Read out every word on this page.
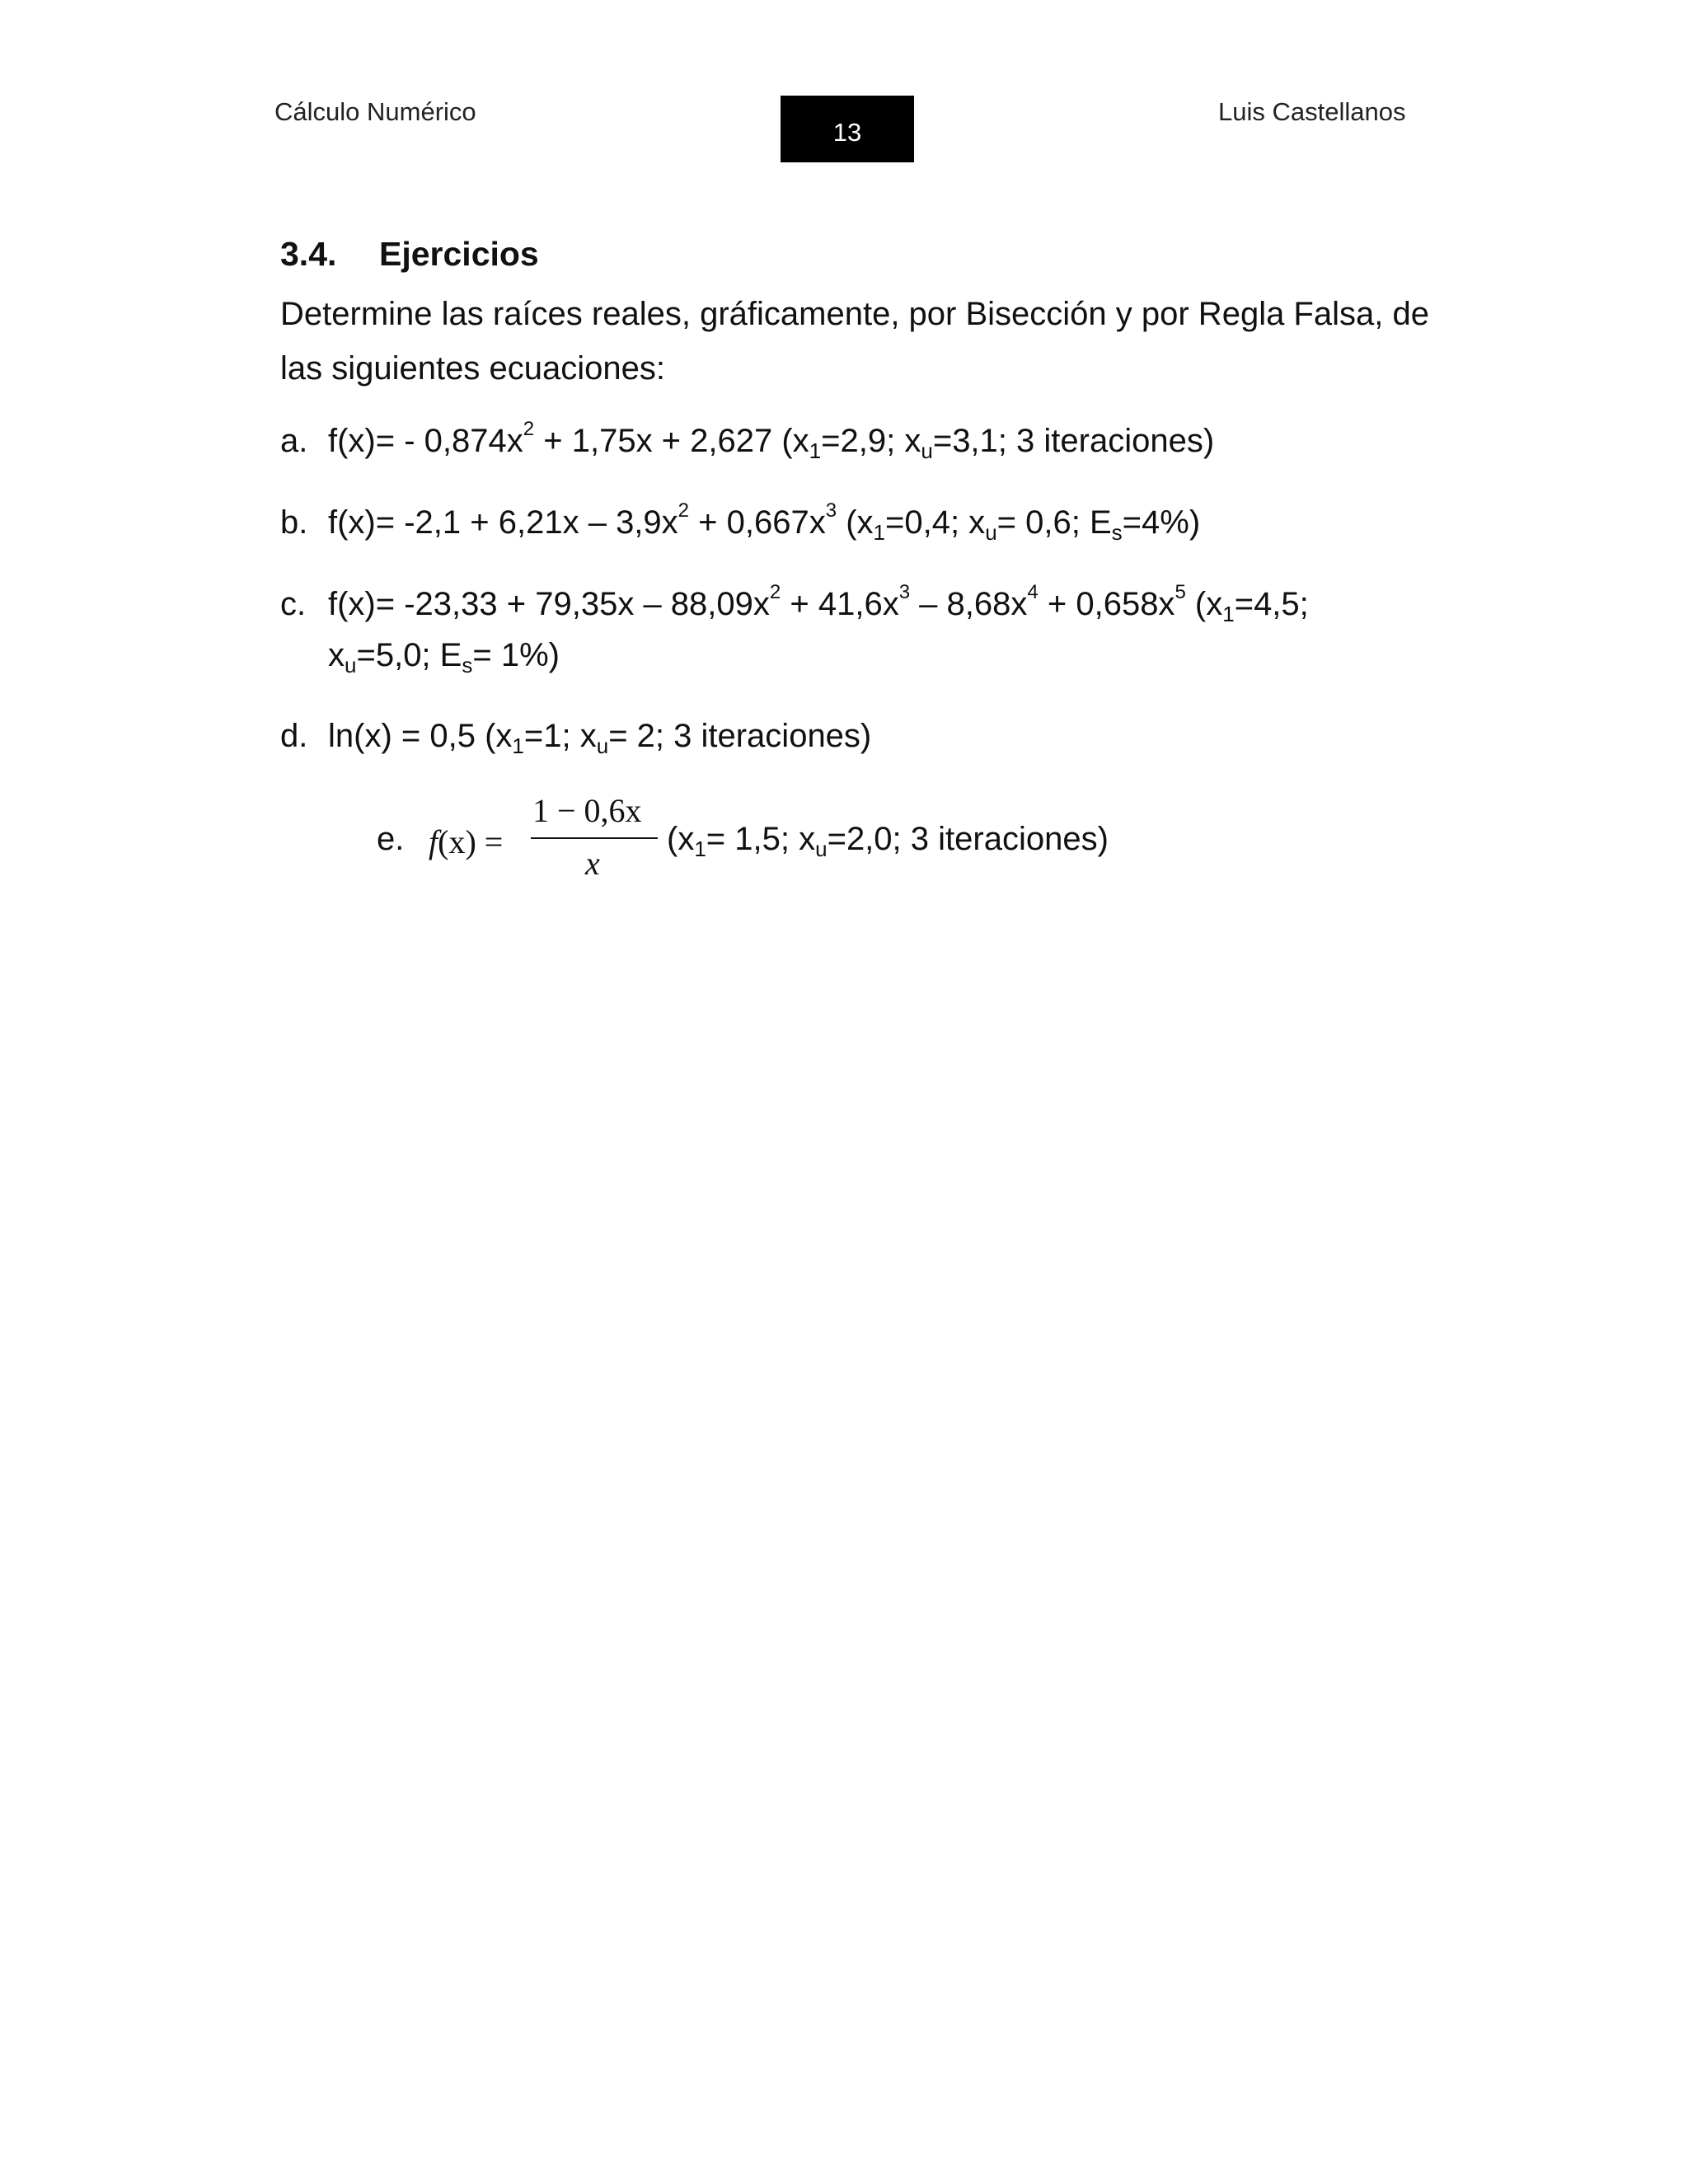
Cálculo Numérico
13
Luis Castellanos
3.4. Ejercicios
Determine las raíces reales, gráficamente, por Bisección y por Regla Falsa, de las siguientes ecuaciones:
a. $f(x)= - 0,874x^2 + 1,75x + 2,627$ ($x_1=2,9$; $x_u=3,1$; 3 iteraciones)
b. $f(x)= -2,1 + 6,21x - 3,9x^2 + 0,667x^3$ ($x_1=0,4$; $x_u= 0,6$; $E_s=4\%$)
c. $f(x)= -23,33 + 79,35x - 88,09x^2 + 41,6x^3 - 8,68x^4 + 0,658x^5$ ($x_1=4,5$;
$x_u=5,0$; $E_s= 1\%$)
d. ln(x) = 0,5 ($x_1=1$; $x_u= 2$; 3 iteraciones)
e. f(x) =
1 − 0,6x
x
($x_1= 1,5$; $x_u=2,0$; 3 iteraciones)
